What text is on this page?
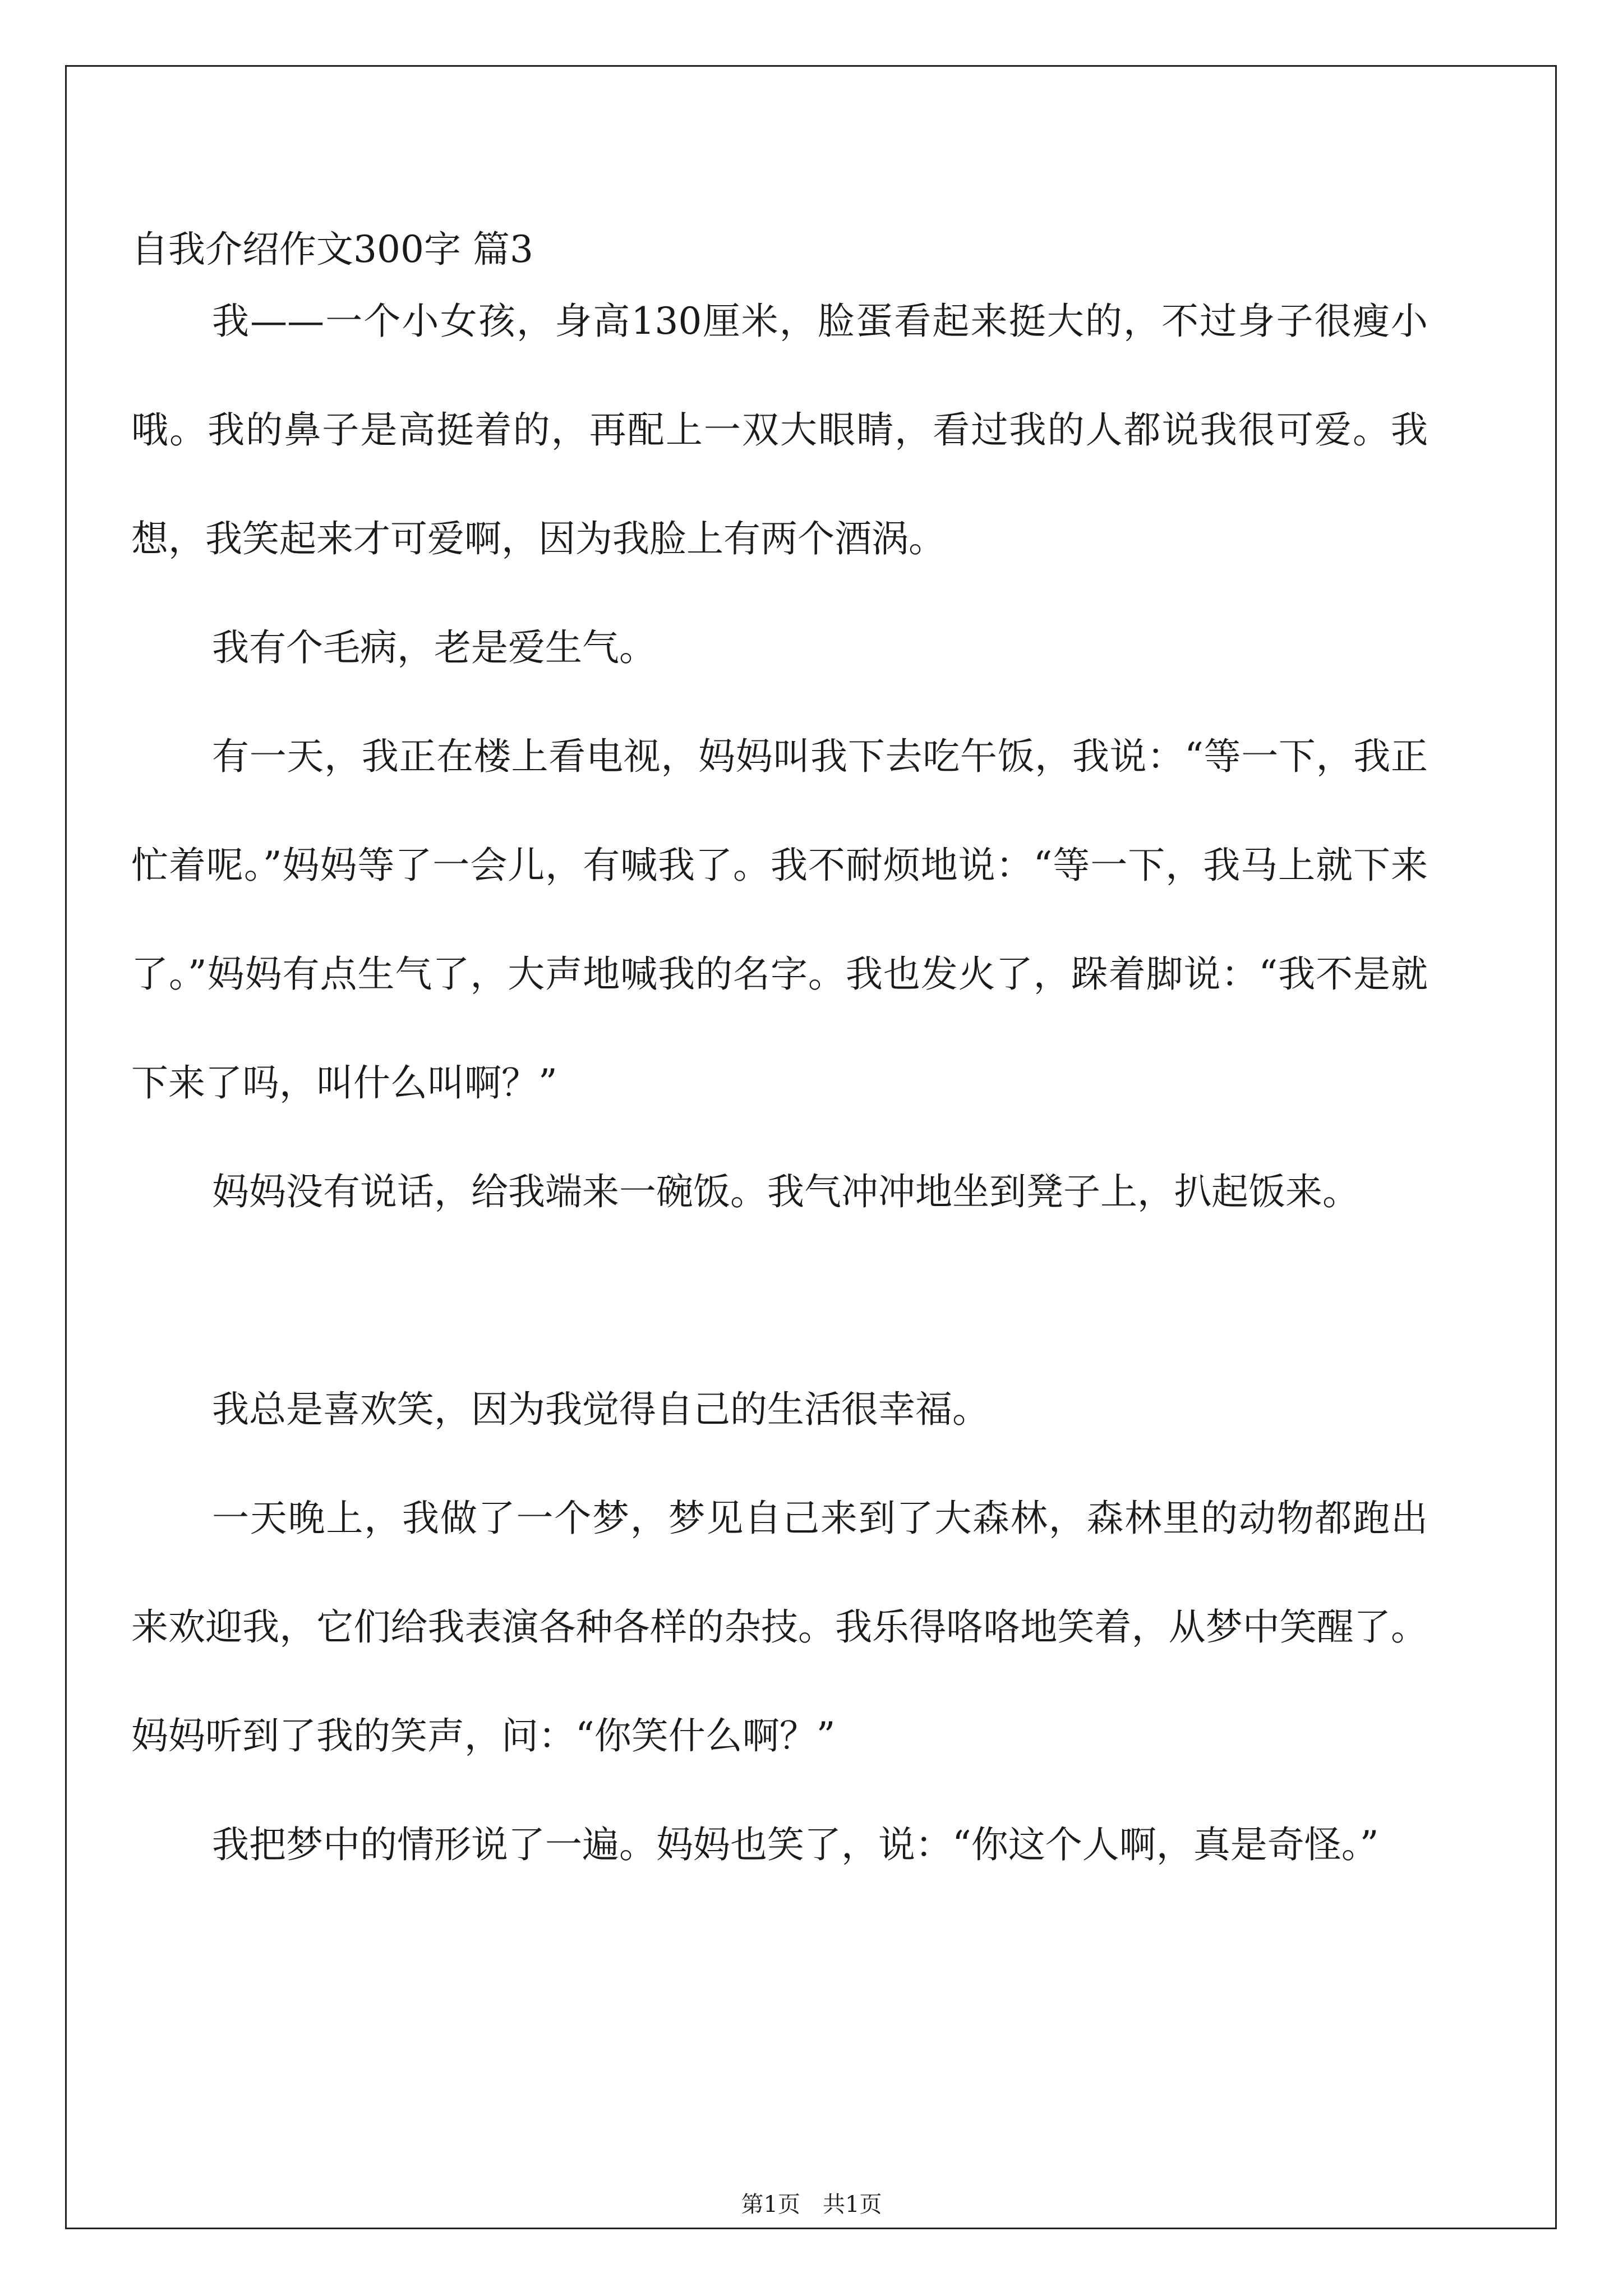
自我介绍作文300字 篇3

我——一个小女孩，身高130厘米，脸蛋看起来挺大的，不过身子很瘦小哦。我的鼻子是高挺着的，再配上一双大眼睛，看过我的人都说我很可爱。我想，我笑起来才可爱啊，因为我脸上有两个酒涡。

我有个毛病，老是爱生气。

有一天，我正在楼上看电视，妈妈叫我下去吃午饭，我说：“等一下，我正忙着呢。”妈妈等了一会儿，有喊我了。我不耐烦地说：“等一下，我马上就下来了。”妈妈有点生气了，大声地喊我的名字。我也发火了，跺着脚说：“我不是就下来了吗，叫什么叫啊？”

妈妈没有说话，给我端来一碗饭。我气冲冲地坐到凳子上，扒起饭来。

我总是喜欢笑，因为我觉得自己的生活很幸福。

一天晚上，我做了一个梦，梦见自己来到了大森林，森林里的动物都跑出来欢迎我，它们给我表演各种各样的杂技。我乐得咯咯地笑着，从梦中笑醒了。妈妈听到了我的笑声，问：“你笑什么啊？”

我把梦中的情形说了一遍。妈妈也笑了，说：“你这个人啊，真是奇怪。”

第1页 共1页
